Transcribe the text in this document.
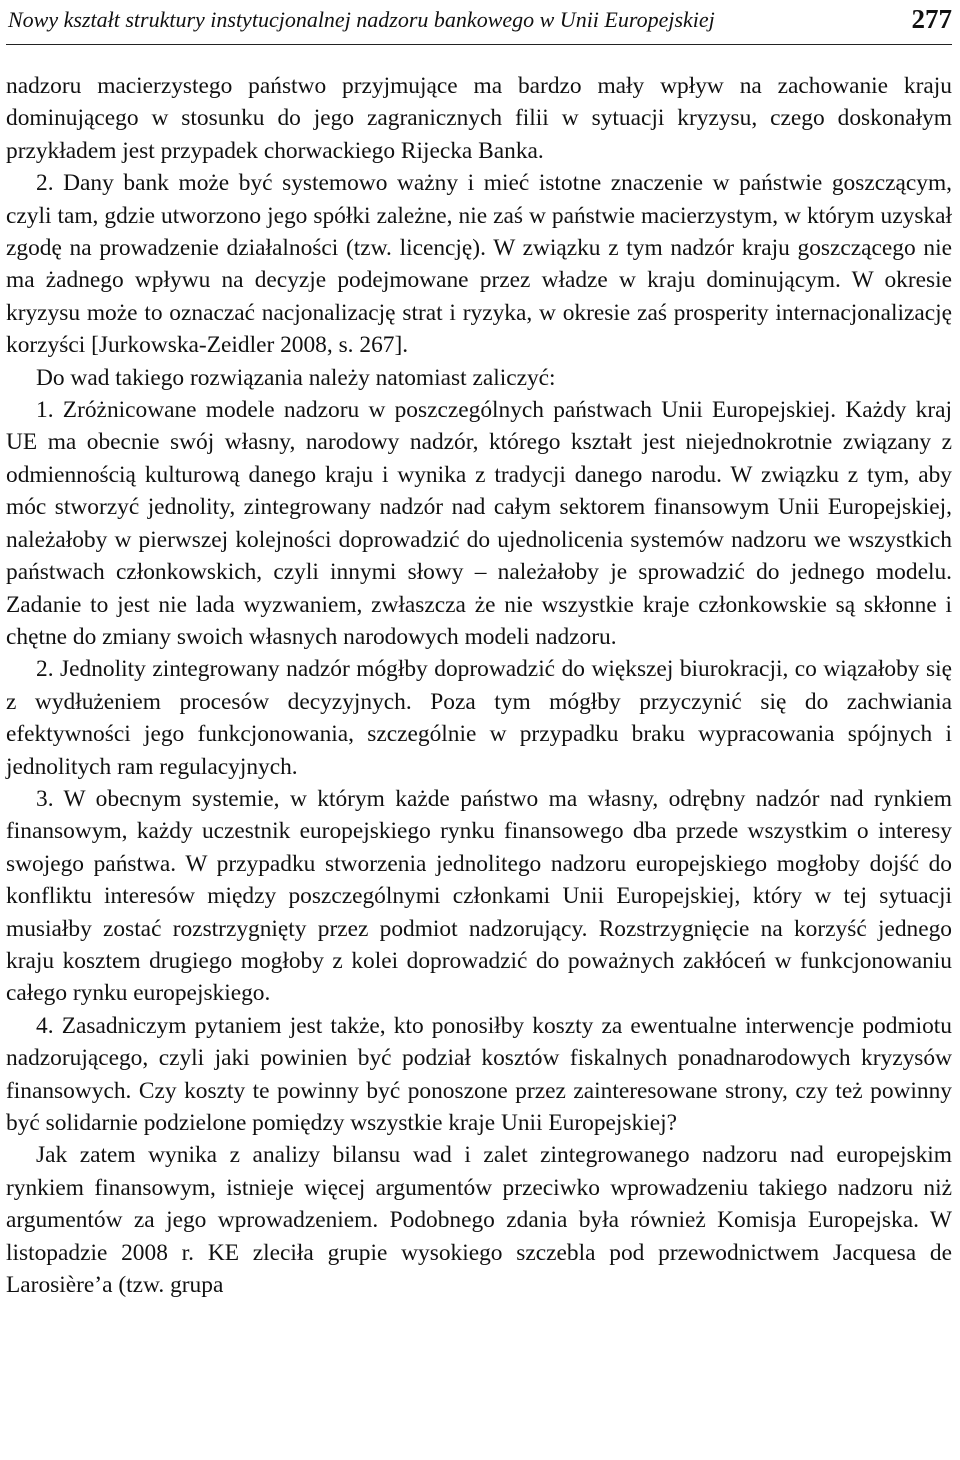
Nowy kształt struktury instytucjonalnej nadzoru bankowego w Unii Europejskiej	277

nadzoru macierzystego państwo przyjmujące ma bardzo mały wpływ na zachowanie kraju dominującego w stosunku do jego zagranicznych filii w sytuacji kryzysu, czego doskonałym przykładem jest przypadek chorwackiego Rijecka Banka.

2. Dany bank może być systemowo ważny i mieć istotne znaczenie w państwie goszczącym, czyli tam, gdzie utworzono jego spółki zależne, nie zaś w państwie macierzystym, w którym uzyskał zgodę na prowadzenie działalności (tzw. licencję). W związku z tym nadzór kraju goszczącego nie ma żadnego wpływu na decyzje podejmowane przez władze w kraju dominującym. W okresie kryzysu może to oznaczać nacjonalizację strat i ryzyka, w okresie zaś prosperity internacjonalizację korzyści [Jurkowska-Zeidler 2008, s. 267].

Do wad takiego rozwiązania należy natomiast zaliczyć:

1. Zróżnicowane modele nadzoru w poszczególnych państwach Unii Europejskiej. Każdy kraj UE ma obecnie swój własny, narodowy nadzór, którego kształt jest niejednokrotnie związany z odmiennością kulturową danego kraju i wynika z tradycji danego narodu. W związku z tym, aby móc stworzyć jednolity, zintegrowany nadzór nad całym sektorem finansowym Unii Europejskiej, należałoby w pierwszej kolejności doprowadzić do ujednolicenia systemów nadzoru we wszystkich państwach członkowskich, czyli innymi słowy – należałoby je sprowadzić do jednego modelu. Zadanie to jest nie lada wyzwaniem, zwłaszcza że nie wszystkie kraje członkowskie są skłonne i chętne do zmiany swoich własnych narodowych modeli nadzoru.

2. Jednolity zintegrowany nadzór mógłby doprowadzić do większej biurokracji, co wiązałoby się z wydłużeniem procesów decyzyjnych. Poza tym mógłby przyczynić się do zachwiania efektywności jego funkcjonowania, szczególnie w przypadku braku wypracowania spójnych i jednolitych ram regulacyjnych.

3. W obecnym systemie, w którym każde państwo ma własny, odrębny nadzór nad rynkiem finansowym, każdy uczestnik europejskiego rynku finansowego dba przede wszystkim o interesy swojego państwa. W przypadku stworzenia jednolitego nadzoru europejskiego mogłoby dojść do konfliktu interesów między poszczególnymi członkami Unii Europejskiej, który w tej sytuacji musiałby zostać rozstrzygnięty przez podmiot nadzorujący. Rozstrzygnięcie na korzyść jednego kraju kosztem drugiego mogłoby z kolei doprowadzić do poważnych zakłóceń w funkcjonowaniu całego rynku europejskiego.

4. Zasadniczym pytaniem jest także, kto ponosiłby koszty za ewentualne interwencje podmiotu nadzorującego, czyli jaki powinien być podział kosztów fiskalnych ponadnarodowych kryzysów finansowych. Czy koszty te powinny być ponoszone przez zainteresowane strony, czy też powinny być solidarnie podzielone pomiędzy wszystkie kraje Unii Europejskiej?

Jak zatem wynika z analizy bilansu wad i zalet zintegrowanego nadzoru nad europejskim rynkiem finansowym, istnieje więcej argumentów przeciwko wprowadzeniu takiego nadzoru niż argumentów za jego wprowadzeniem. Podobnego zdania była również Komisja Europejska. W listopadzie 2008 r. KE zleciła grupie wysokiego szczebla pod przewodnictwem Jacquesa de Larosière’a (tzw. grupa
